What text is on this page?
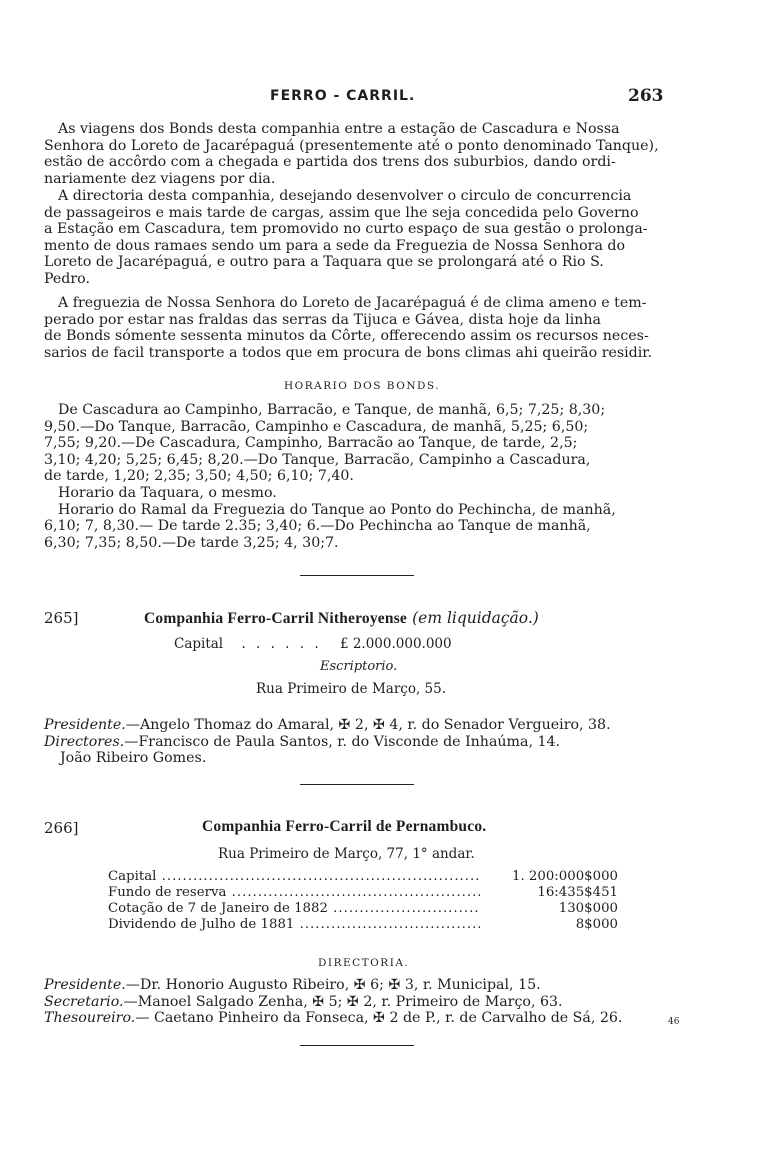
FERRO - CARRIL.	263
As viagens dos Bonds desta companhia entre a estação de Cascadura e Nossa
Senhora do Loreto de Jacarépaguá (presentemente até o ponto denominado Tanque),
estão de accôrdo com a chegada e partida dos trens dos suburbios, dando ordi-
nariamente dez viagens por dia.
A directoria desta companhia, desejando desenvolver o circulo de concurrencia
de passageiros e mais tarde de cargas, assim que lhe seja concedida pelo Governo
a Estação em Cascadura, tem promovido no curto espaço de sua gestão o prolonga-
mento de dous ramaes sendo um para a sede da Freguezia de Nossa Senhora do
Loreto de Jacarépaguá, e outro para a Taquara que se prolongará até o Rio S.
Pedro.
A freguezia de Nossa Senhora do Loreto de Jacarépaguá é de clima ameno e tem-
perado por estar nas fraldas das serras da Tijuca e Gávea, dista hoje da linha
de Bonds sómente sessenta minutos da Côrte, offerecendo assim os recursos neces-
sarios de facil transporte a todos que em procura de bons climas ahi queirão residir.
HORARIO DOS BONDS.
De Cascadura ao Campinho, Barracão, e Tanque, de manhã, 6,5; 7,25; 8,30;
9,50.—Do Tanque, Barracão, Campinho e Cascadura, de manhã, 5,25; 6,50;
7,55; 9,20.—De Cascadura, Campinho, Barracão ao Tanque, de tarde, 2,5;
3,10; 4,20; 5,25; 6,45; 8,20.—Do Tanque, Barracão, Campinho a Cascadura,
de tarde, 1,20; 2,35; 3,50; 4,50; 6,10; 7,40.
Horario da Taquara, o mesmo.
Horario do Ramal da Freguezia do Tanque ao Ponto do Pechincha, de manhã,
6,10; 7, 8,30.— De tarde 2.35; 3,40; 6.—Do Pechincha ao Tanque de manhã,
6,30; 7,35; 8,50.—De tarde 3,25; 4, 30;7.
265]	Companhia Ferro-Carril Nitheroyense (em liquidação.)
Capital . . . . . . £ 2.000.000.000
Escriptorio.
Rua Primeiro de Março, 55.
Presidente.—Angelo Thomaz do Amaral, ✠ 2, ✠ 4, r. do Senador Vergueiro, 38.
Directores.—Francisco de Paula Santos, r. do Visconde de Inhaúma, 14.
João Ribeiro Gomes.
266]	Companhia Ferro-Carril de Pernambuco.
Rua Primeiro de Março, 77, 1° andar.
Capital .....	1. 200:000$000
Fundo de reserva .....	16:435$451
Cotação de 7 de Janeiro de 1882 .....	130$000
Dividendo de Julho de 1881 .....	8$000
DIRECTORIA.
Presidente.—Dr. Honorio Augusto Ribeiro, ✠ 6; ✠ 3, r. Municipal, 15.
Secretario.—Manoel Salgado Zenha, ✠ 5; ✠ 2, r. Primeiro de Março, 63.
Thesoureiro.— Caetano Pinheiro da Fonseca, ✠ 2 de P., r. de Carvalho de Sá, 26.	46
